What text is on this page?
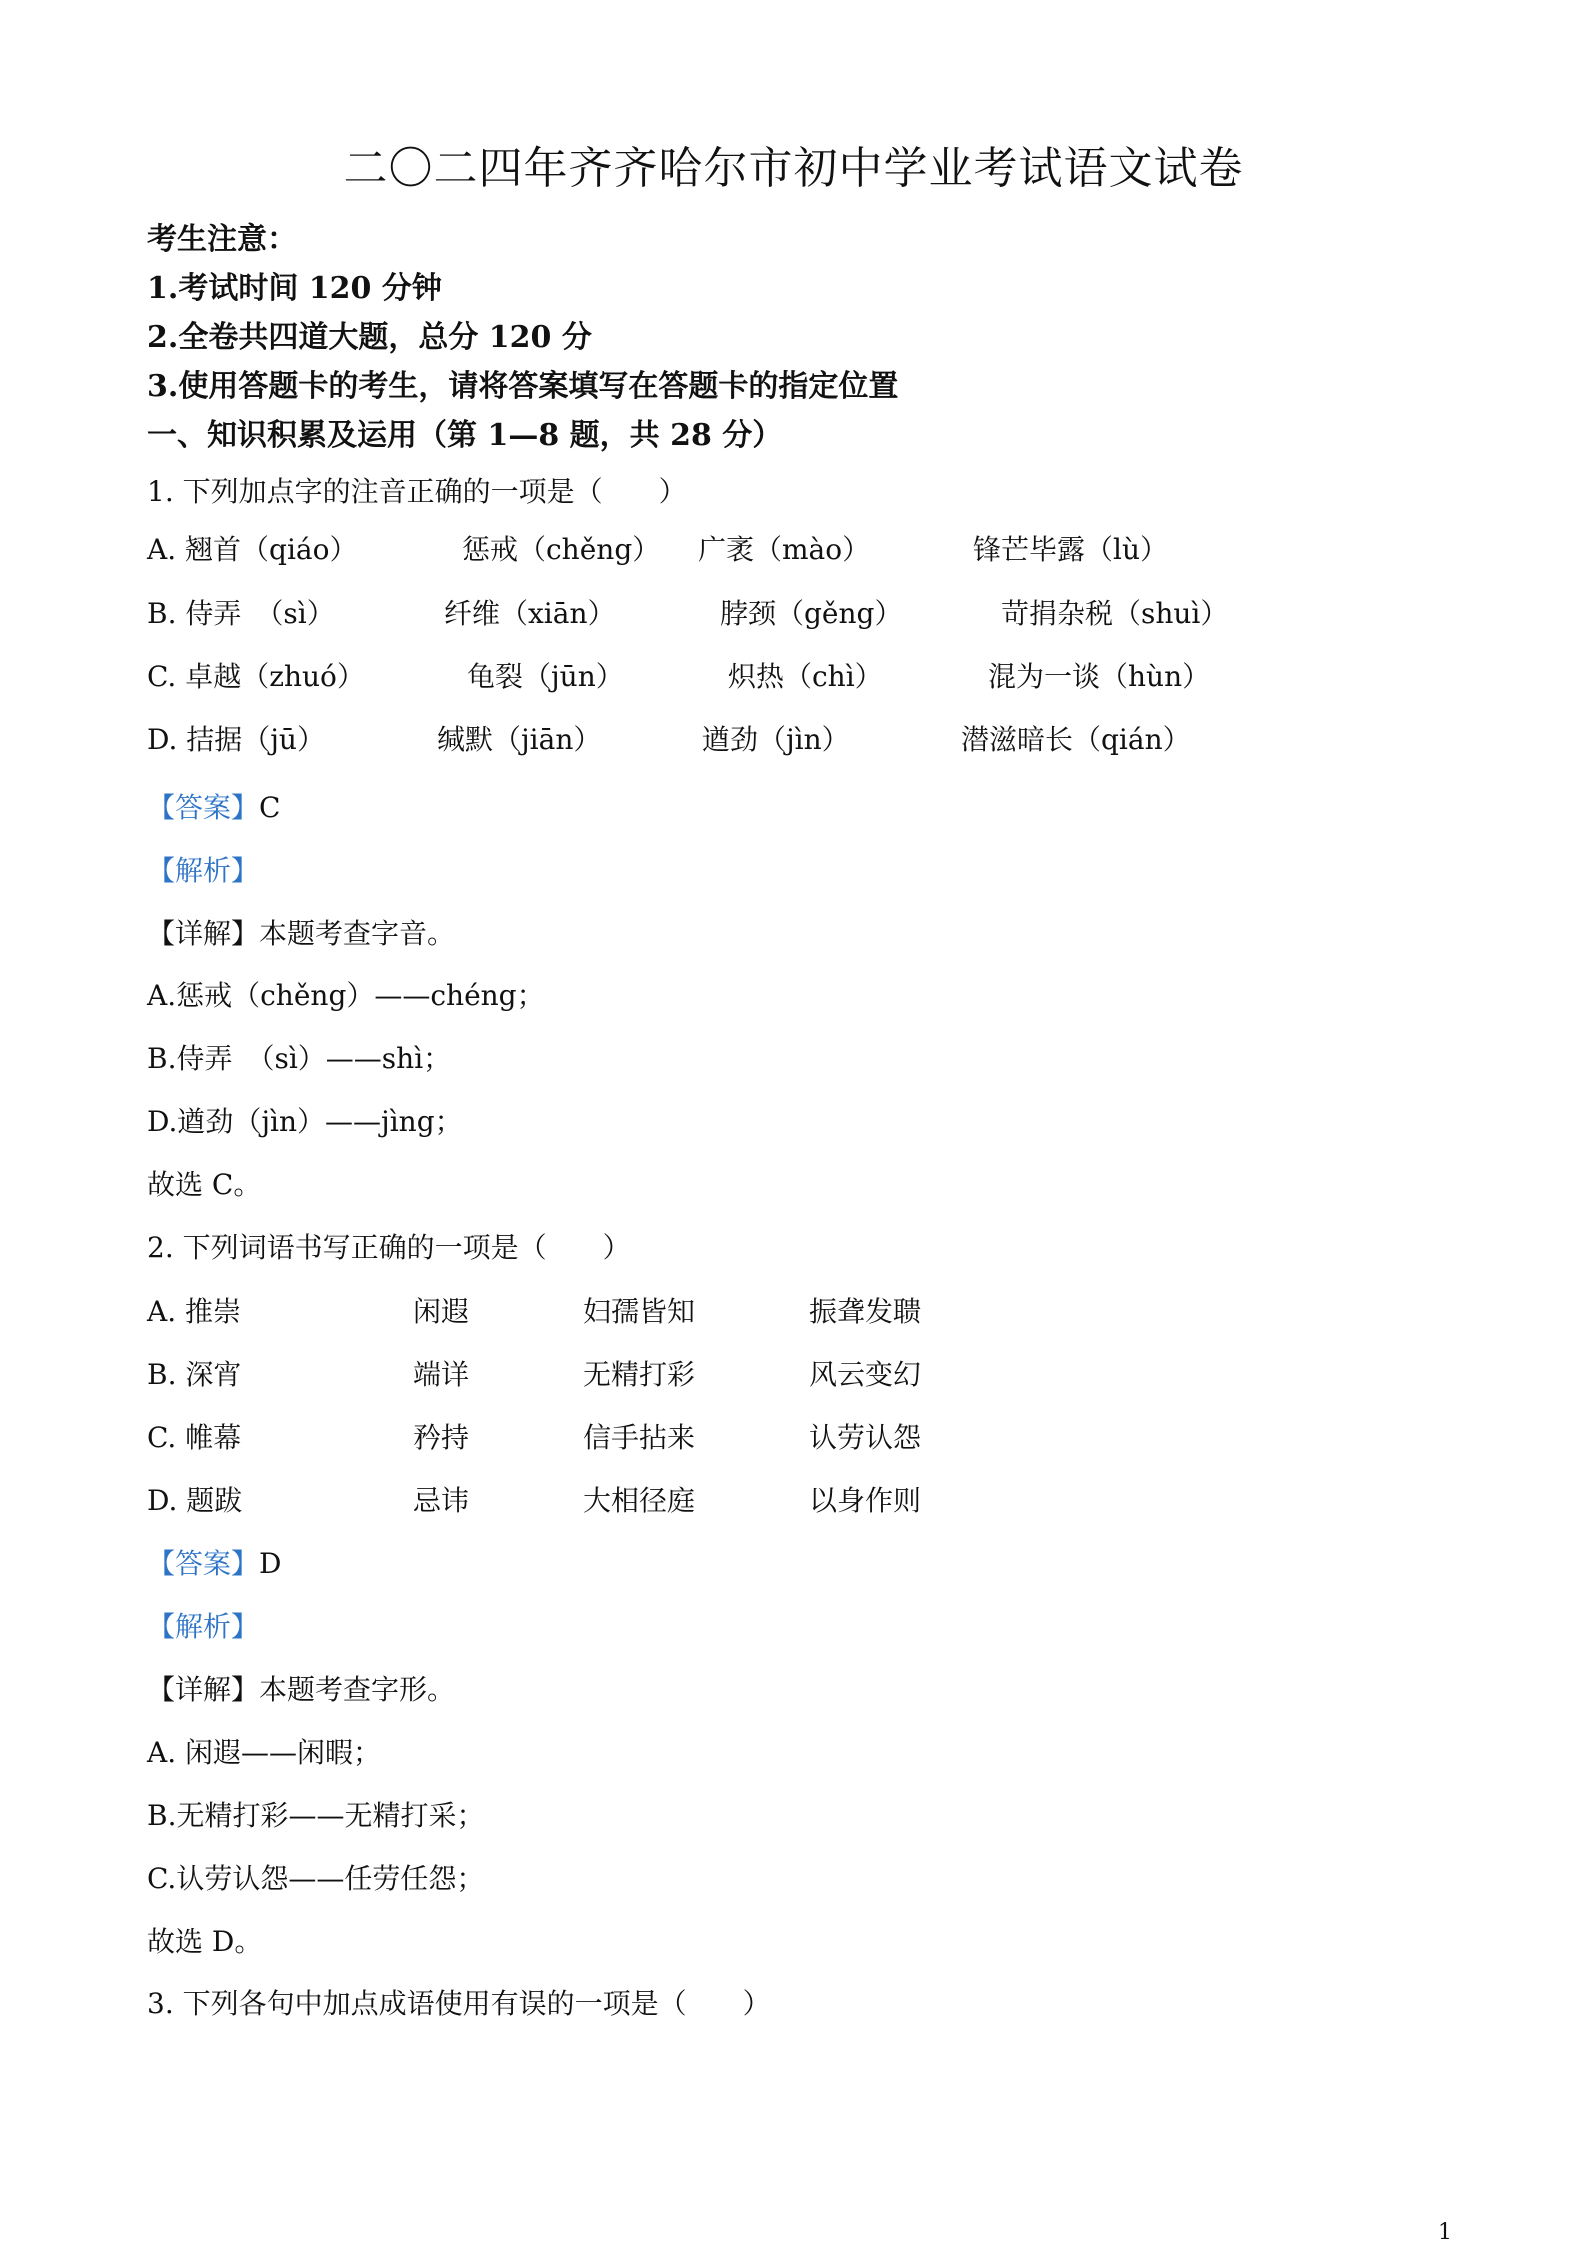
二〇二四年齐齐哈尔市初中学业考试语文试卷
考生注意：
1.考试时间 120 分钟
2.全卷共四道大题，总分 120 分
3.使用答题卡的考生，请将答案填写在答题卡的指定位置
一、知识积累及运用（第 1—8 题，共 28 分）
1. 下列加点字的注音正确的一项是（　　）
A. 翘首（qiáo）	惩戒（chěng） 广袤（mào）	锋芒毕露（lù）
B. 侍弄　（sì）	纤维（xiān）	脖颈（gěng）	苛捐杂税（shuì）
C. 卓越（zhuó）	龟裂（jūn）	炽热（chì）	混为一谈（hùn）
D. 拮据（jū）	缄默（jiān）	遒劲（jìn）	潜滋暗长（qián）
【答案】C
【解析】
【详解】本题考查字音。
A.惩戒（chěng）——chéng；
B.侍弄　（sì）——shì；
D.遒劲（jìn）——jìng；
故选 C。
2. 下列词语书写正确的一项是（　　）
A. 推崇	闲遐	妇孺皆知	振聋发聩
B. 深宵	端详	无精打彩	风云变幻
C. 帷幕	矜持	信手拈来	认劳认怨
D. 题跋	忌讳	大相径庭	以身作则
【答案】D
【解析】
【详解】本题考查字形。
A. 闲遐——闲暇；
B.无精打彩——无精打采；
C.认劳认怨——任劳任怨；
故选 D。
3. 下列各句中加点成语使用有误的一项是（　　）
1
